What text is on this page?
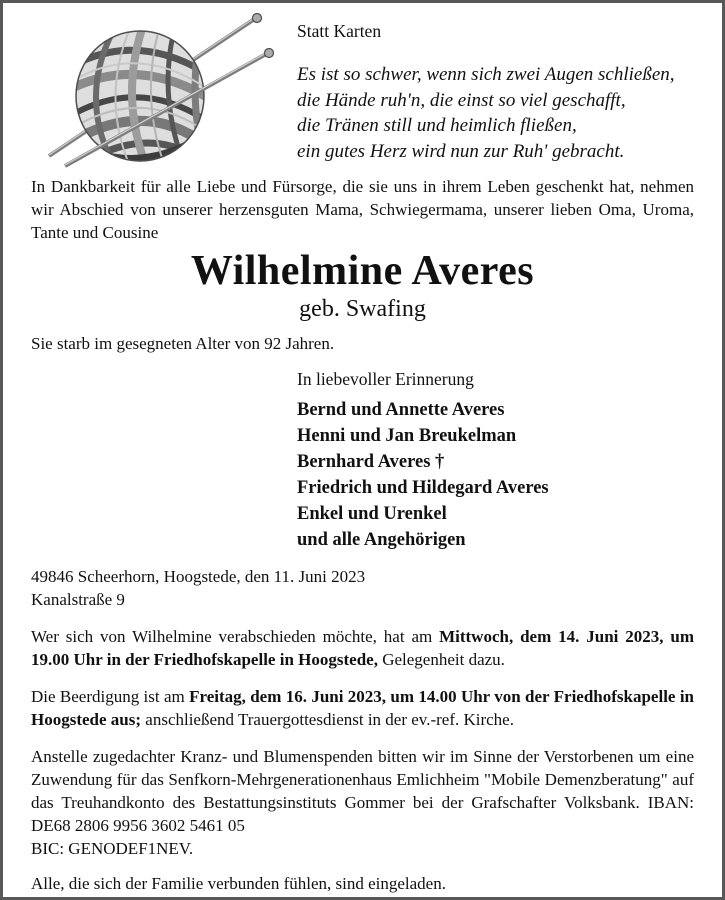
Statt Karten
Es ist so schwer, wenn sich zwei Augen schließen,
die Hände ruh'n, die einst so viel geschafft,
die Tränen still und heimlich fließen,
ein gutes Herz wird nun zur Ruh' gebracht.

In Dankbarkeit für alle Liebe und Fürsorge, die sie uns in ihrem Leben geschenkt hat, nehmen wir Abschied von unserer herzensguten Mama, Schwiegermama, unserer lieben Oma, Uroma, Tante und Cousine

Wilhelmine Averes
geb. Swafing
Sie starb im gesegneten Alter von 92 Jahren.
In liebevoller Erinnerung
Bernd und Annette Averes
Henni und Jan Breukelman
Bernhard Averes †
Friedrich und Hildegard Averes
Enkel und Urenkel
und alle Angehörigen
49846 Scheerhorn, Hoogstede, den 11. Juni 2023
Kanalstraße 9

Wer sich von Wilhelmine verabschieden möchte, hat am Mittwoch, dem 14. Juni 2023, um 19.00 Uhr in der Friedhofskapelle in Hoogstede, Gelegenheit dazu.

Die Beerdigung ist am Freitag, dem 16. Juni 2023, um 14.00 Uhr von der Friedhofskapelle in Hoogstede aus; anschließend Trauergottesdienst in der ev.-ref. Kirche.

Anstelle zugedachter Kranz- und Blumenspenden bitten wir im Sinne der Verstorbenen um eine Zuwendung für das Senfkorn-Mehrgenerationenhaus Emlichheim "Mobile Demenzberatung" auf das Treuhandkonto des Bestattungsinstituts Gommer bei der Grafschafter Volksbank. IBAN: DE68 2806 9956 3602 5461 05
BIC: GENODEF1NEV.

Alle, die sich der Familie verbunden fühlen, sind eingeladen.
